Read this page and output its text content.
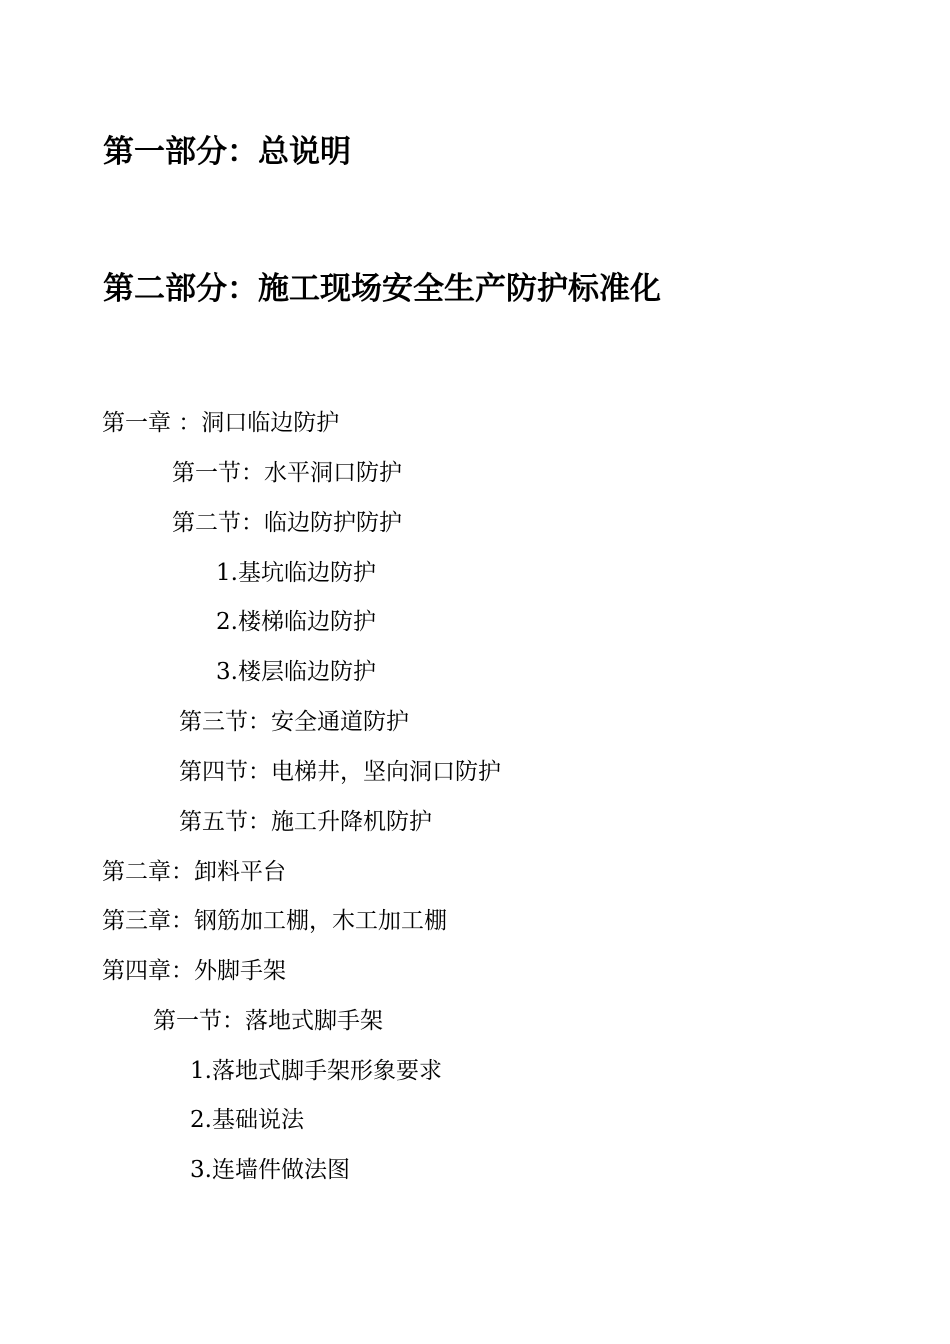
第一部分：总说明
第二部分：施工现场安全生产防护标准化
第一章 ：洞口临边防护
第一节：水平洞口防护
第二节：临边防护防护
1.基坑临边防护
2.楼梯临边防护
3.楼层临边防护
第三节：安全通道防护
第四节：电梯井，坚向洞口防护
第五节：施工升降机防护
第二章：卸料平台
第三章：钢筋加工棚，木工加工棚
第四章：外脚手架
第一节：落地式脚手架
1.落地式脚手架形象要求
2.基础说法
3.连墙件做法图
